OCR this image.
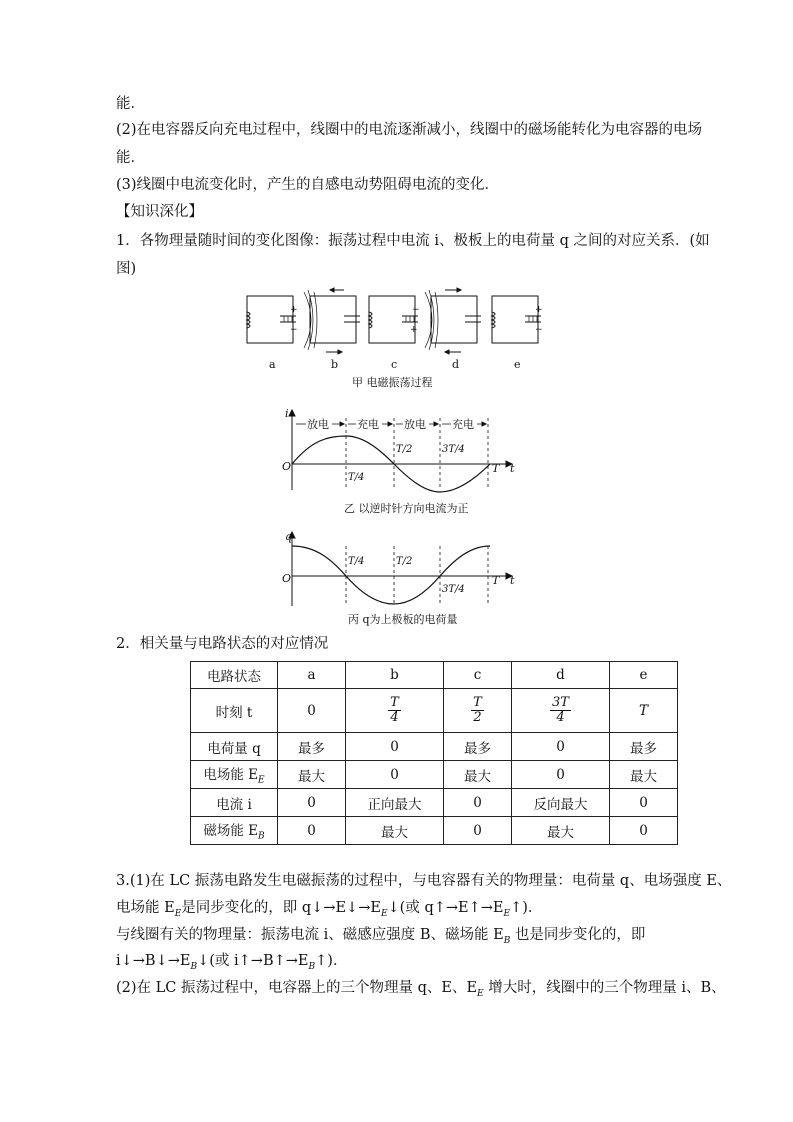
能．
(2)在电容器反向充电过程中，线圈中的电流逐渐减小，线圈中的磁场能转化为电容器的电场
能．
(3)线圈中电流变化时，产生的自感电动势阻碍电流的变化．
【知识深化】
1．各物理量随时间的变化图像：振荡过程中电流 i、极板上的电荷量 q 之间的对应关系．(如
图)
+
−
−
+
+
−
a	b	c	d	e
甲 电磁振荡过程
i
t
O
放电	充电 放电 充电
T/4
T/2	3T/4
T
乙 以逆时针方向电流为正
q
t
O
T/4	T/2
3T/4
T
丙 q为上极板的电荷量
2．相关量与电路状态的对应情况
电路状态	a	b	c	d	e
时刻 t	0	$\frac{T}{4}$	$\frac{T}{2}$	$\frac{3T}{4}$	T
电荷量 q	最多	0	最多	0	最多
电场能 $E_E$	最大	0	最大	0	最大
电流 i	0	正向最大	0	反向最大	0
磁场能 $E_B$	0	最大	0	最大	0
3.(1)在 LC 振荡电路发生电磁振荡的过程中，与电容器有关的物理量：电荷量 q、电场强度 E、
电场能 $E_E$是同步变化的，即 $q↓\to E↓\to E_E↓$(或 $q↑\to E↑\to E_E↑$)．
与线圈有关的物理量：振荡电流 i、磁感应强度 B、磁场能 $E_B$ 也是同步变化的，即
$i↓\to B↓\to E_B↓$(或 $i↑\to B↑\to E_B↑$)．
(2)在 LC 振荡过程中，电容器上的三个物理量 q、E、$E_E$ 增大时，线圈中的三个物理量 i、B、
